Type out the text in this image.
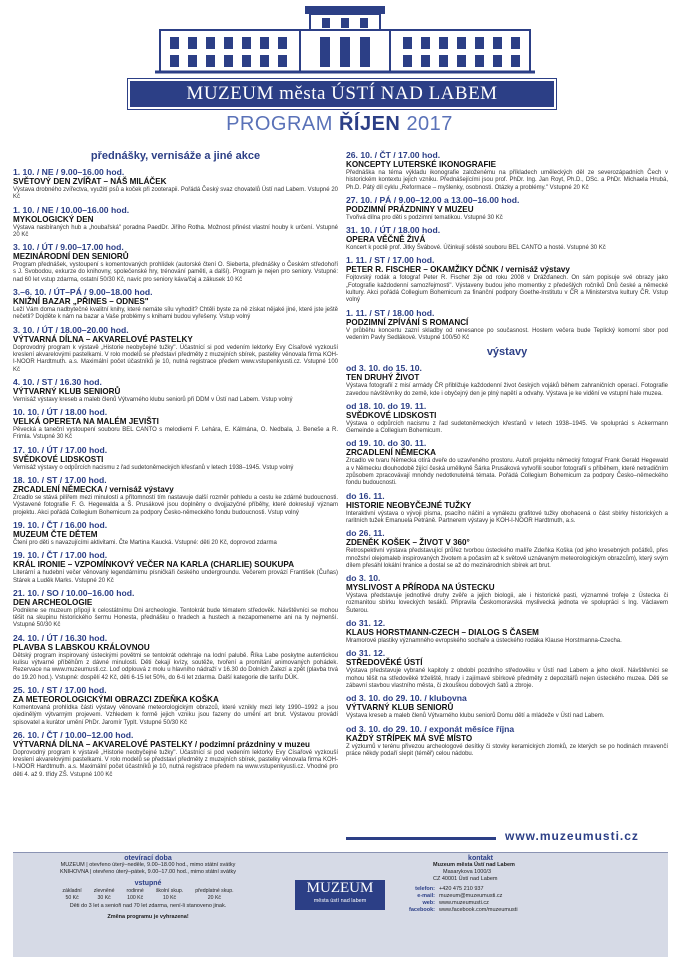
MUZEUM města ÚSTÍ NAD LABEM
PROGRAM ŘÍJEN 2017
přednášky, vernisáže a jiné akce
1. 10. / NE / 9.00–16.00 hod.
SVĚTOVÝ DEN ZVÍŘAT – NÁŠ MILÁČEK
Výstava drobného zvířectva, využití psů a koček při zooterapii. Pořádá Český svaz chovatelů Ústí nad Labem. Vstupné 20 Kč
1. 10. / NE / 10.00–16.00 hod.
MYKOLOGICKÝ DEN
Výstava nasbíraných hub a „houbařská" poradna PaedDr. Jiřího Rotha. Možnost přinést vlastní houby k určení. Vstupné 20 Kč
3. 10. / ÚT / 9.00–17.00 hod.
MEZINÁRODNÍ DEN SENIORŮ
Program přednášek, vystoupení s komentovaných prohlídek (autorské čtení O. Sieberta, přednášky o Českém středohoří s J. Svobodou, exkurze do knihovny, společenské hry, trénování paměti, a další). Program je nejen pro seniory. Vstupné: nad 60 let vstup zdarma, ostatní 50/30 Kč, navíc pro seniory káva/čaj a zákusek 10 Kč
3.–6. 10. / ÚT–PÁ / 9.00–18.00 hod.
KNIŽNÍ BAZAR „PŘINES – ODNES"
Leží Vám doma nadbytečné kvalitní knihy, které nemáte sílu vyhodit? Chtěli byste za ně získat nějaké jiné, které jste ještě nečetli? Dojděte k nám na bazar a Vaše problémy s knihami budou vyřešeny. Vstup volný
3. 10. / ÚT / 18.00–20.00 hod.
VÝTVARNÁ DÍLNA – AKVARELOVÉ PASTELKY
Doprovodný program k výstavě „Historie neobyčejné tužky". Účastnící si pod vedením lektorky Evy Císařové vyzkouší kreslení akvarelovými pastelkami. V rolo modelů se představí předměty z muzejních sbírek, pastelky věnovala firma KOH-I-NOOR Hardtmuth. a.s. Maximální počet účastníků je 10, nutná registrace předem www.vstupenkyusti.cz. Vstupné 100 Kč
4. 10. / ST / 16.30 hod.
VÝTVARNÝ KLUB SENIORŮ
Vernisáž výstavy kreseb a maleb členů Výtvarného klubu seniorů při DDM v Ústí nad Labem. Vstup volný
10. 10. / ÚT / 18.00 hod.
VELKÁ OPERETA NA MALÉM JEVIŠTI
Pěvecká a taneční vystoupení souboru BEL CANTO s melodiemi F. Lehára, E. Kálmána, O. Nedbala, J. Beneše a R. Frimla. Vstupné 30 Kč
17. 10. / ÚT / 17.00 hod.
SVĚDKOVÉ LIDSKOSTI
Vernisáž výstavy o odpůrcích nacismu z řad sudetoněmeckých křesťanů v letech 1938–1945. Vstup volný
18. 10. / ST / 17.00 hod.
ZRCADLENÍ NĚMECKA / vernisáž výstavy
Zrcadlo se stává pilířem mezi minulostí a přítomností tím nastavuje další rozměr pohledu a cestu ke zdárné budoucnosti. Výstavené fotografie F. G. Hegewalda a Š. Prusákové jsou doplněny o dvojjazyčné příběhy, které dokreslují význam projektu. Akci pořádá Collegium Bohemicum za podpory Česko-německého fondu budoucnosti. Vstup volný
19. 10. / ČT / 16.00 hod.
MUZEUM ČTE DĚTEM
Čtení pro děti s navazujícími aktivitami. Čte Martina Kaucká. Vstupné: děti 20 Kč, doprovod zdarma
19. 10. / ČT / 17.00 hod.
KRÁL IRONIE – VZPOMÍNKOVÝ VEČER NA KARLA (CHARLIE) SOUKUPA
Literární a hudební večer věnovaný legendárnímu písničkáři českého undergroundu. Večerem provází František (Čuňas) Stárek a Luděk Marks. Vstupné 20 Kč
21. 10. / SO / 10.00–16.00 hod.
DEN ARCHEOLOGIE
Podnikne se muzeum připojí k celostátnímu Dni archeologie. Tentokrát bude tématem středověk. Návštěvníci se mohou těšit na skupinu historického šermu Honesta, přednášku o hradech a hustech a nezapomeneme ani na ty nejmenší. Vstupné 50/30 Kč
24. 10. / ÚT / 16.30 hod.
PLAVBA S LABSKOU KRÁLOVNOU
Dětský program inspirovaný ústeckými povětmi se tentokrát odehraje na lodní palubě. Říka Labe poskytne autentickou kulisu výtvarné příběhům z dávné minulosti. Děti čekají kvízy, soutěže, tvoření a promítání animovaných pohádek. Rezervace na www.muzeumusti.cz. Loď odplouvá z molu u hlavního nádraží v 16.30 do Dolních Žalezí a zpět (plavba trvá do 19.20 hod.). Vstupné: dospělí 42 Kč, děti 6-15 let 50%, do 6-ti let zdarma. Další kategorie dle tarifu DÚK.
25. 10. / ST / 17.00 hod.
ZA METEOROLOGICKÝMI OBRAZCI ZDEŇKA KOŠKA
Komentovaná prohlídka části výstavy věnované meteorologickým obrazců, které vznikly mezi lety 1990–1992 a jsou ojedinělým výtvarným projevem. Vzhledem k formě jejich vzniku jsou fazeny do umění art brut. Výstavou provádí spisovatel a kurátor umění PhDr. Jaromír Typlt. Vstupné 50/30 Kč
26. 10. / ČT / 10.00–12.00 hod.
VÝTVARNÁ DÍLNA – AKVARELOVÉ PASTELKY / podzimní prázdniny v muzeu
Doprovodný program k výstavě „Historie neobyčejné tužky". Účastnící si pod vedením lektorky Evy Císařové vyzkouší kreslení akvarelovými pastelkami. V rolo modelů se představí předměty z muzejních sbírek, pastelky věnovala firma KOH-I-NOOR Hardtmuth. a.s. Maximální počet účastníků je 10, nutná registrace předem na www.vstupenkyusti.cz. Vhodné pro děti 4. až 9. třídy ZŠ. Vstupné 100 Kč
26. 10. / ČT / 17.00 hod.
KONCEPTY LUTERSKÉ IKONOGRAFIE
Přednáška na téma výkladu ikonografie založenému na příkladech uměleckých děl ze severozápadních Čech v historickém kontextu jejich vzniku. Přednášejícími jsou prof. PhDr. Ing. Jan Royt, Ph.D., DSc. a PhDr. Michaela Hrubá, Ph.D. Pátý díl cyklu „Reformace – myšlenky, osobnosti. Otázky a problémy." Vstupné 20 Kč
27. 10. / PÁ / 9.00–12.00 a 13.00–16.00 hod.
PODZIMNÍ PRÁZDNINY V MUZEU
Tvořivá dílna pro děti s podzimní tematikou. Vstupné 30 Kč
31. 10. / ÚT / 18.00 hod.
OPERA VĚČNĚ ŽIVÁ
Koncert k poctě prof. Jitky Švábové. Účinkují sólisté souboru BEL CANTO a hosté. Vstupné 30 Kč
1. 11. / ST / 17.00 hod.
PETER R. FISCHER – OKAMŽIKY DČNK / vernisáž výstavy
Fojtovský rodák a fotograf Peter R. Fischer žije od roku 2008 v Drážďanech. On sám popisuje své obrazy jako „Fotografie každodenní samozřejmosti". Výstaveny budou jeho momentky z předešlých ročníků Dnů české a německé kultury. Akci pořádá Collegium Bohemicum za finanční podpory Goethe-Institutu v ČR a Ministerstva kultury ČR. Vstup volný
1. 11. / ST / 18.00 hod.
PODZIMNÍ ZPÍVÁNÍ S ROMANCÍ
V průběhu koncertu zazní skladby od renesance po současnost. Hostem večera bude Teplický komorní sbor pod vedením Pavly Sedlákové. Vstupné 100/50 Kč
výstavy
od 3. 10. do 15. 10.
TEN DRUHÝ ŽIVOT
Výstava fotografií z misí armády ČR přibližuje každodenní život českých vojáků během zahraničních operací. Fotografie zavedou návštěvníky do země, kde i obyčejný den je plný napětí a odvahy. Výstava je ke vidění ve vstupní hale muzea.
od 18. 10. do 19. 11.
SVĚDKOVÉ LIDSKOSTI
Výstava o odpůrcích nacismu z řad sudetoněmeckých křesťanů v letech 1938–1945. Ve spolupráci s Ackermann Gemeinde a Collegium Bohemicum.
od 19. 10. do 30. 11.
ZRCADLENÍ NĚMECKA
Zrcadlo ve tvaru Německa otírá dveře do uzavřeného prostoru. Autoři projektu německý fotograf Frank Gerald Hegewald a v Německu dlouhodobě žijící česká umělkyně Šárka Prusáková vytvořili soubor fotografií s příběhem, které netradičním způsobem zpracovávají mnohdy nedotknutelná témata. Pořádá Collegium Bohemicum za podpory Česko–německého fondu budoucnosti.
do 16. 11.
HISTORIE NEOBYČEJNÉ TUŽKY
Interaktivní výstava o vývoji písma, psacího náčiní a vynálezu grafitové tužky obohacená o část sbírky historických a raritních tužek Emanuela Petráně. Partnerem výstavy je KOH-I-NOOR Hardtmuth, a.s.
do 26. 11.
ZDENĚK KOŠEK – ŽIVOT V 360°
Retrospektivní výstava představující průřez tvorbou ústeckého malíře Zdeňka Koška (od jeho kresebných počátků, přes množství olejomaleb inspirovaných životem a počasím až k světově uznávaným meteorologickým obrazcům), který svým dílem přesáhl lokální hranice a dostal se až do mezinárodních sbírek art brut.
do 3. 10.
MYSLIVOST A PŘÍRODA NA ÚSTECKU
Výstava představuje jednotlivé druhy zvěře a jejich biologii, ale i historické pasti, významné trofeje z Ústecka či rozmanitou sbírku loveckých tesáků. Připravila Českomoravská myslivecká jednota ve spolupráci s Ing. Václavem Šuterou.
do 31. 12.
KLAUS HORSTMANN-CZECH – DIALOG S ČASEM
Mramorové plastiky významného evropského sochaře a ústeckého rodáka Klause Horstmanna-Czecha.
do 31. 12.
STŘEDOVĚKÉ ÚSTÍ
Výstava představuje vybrané kapitoly z období pozdního středověku v Ústí nad Labem a jeho okolí. Návštěvníci se mohou těšit na středověké trželiště, hrady i zajímavé sbírkové předměty z depozitářů nejen ústeckého muzea. Děti se zábavní stavbou vlastního města, či zkouškou dobových šatů a zbroje.
od 3. 10. do 29. 10. / klubovna
VÝTVARNÝ KLUB SENIORŮ
Výstava kreseb a maleb členů Výtvarného klubu seniorů Domu dětí a mládeže v Ústí nad Labem.
od 3. 10. do 29. 10. / exponát měsíce října
KAŽDÝ STŘÍPEK MÁ SVÉ MÍSTO
Z výzkumů v terénu přivezou archeologové desítky či stovky keramických zlomků, ze kterých se po hodinách mravenčí práce někdy podaří slepit (téměř) celou nádobu.
www.muzeumusti.cz
otevírací doba
MUZEUM | otevřeno úterý–neděle, 9.00–18.00 hod., mimo státní svátky
KNIHOVNA | otevřeno úterý–pátek, 9.00–17.00 hod., mimo státní svátky
vstupné
základní	zlevněné	rodinné	školní skup.	předplatné skup.
50 Kč	30 Kč	100 Kč	10 Kč	20 Kč
Děti do 3 let a senioři nad 70 let zdarma, není-li stanoveno jinak.
Změna programu je vyhrazena!
kontakt
Muzeum města Ústí nad Labem
Masarykova 1000/3
CZ 40001 Ústí nad Labem
telefon: +420 475 210 937
e-mail: muzeum@muzeumusti.cz
web: www.muzeumusti.cz
facebook: www.facebook.com/muzeumusti
MUZEUM
města ústí nad labem
